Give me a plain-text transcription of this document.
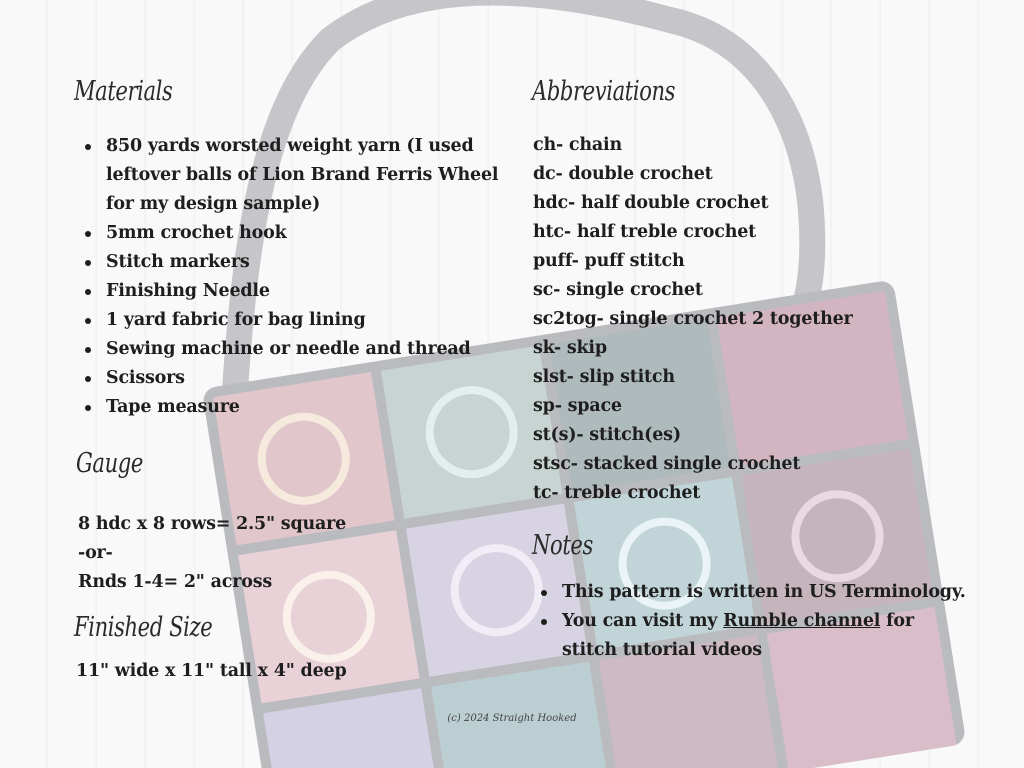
Materials
850 yards worsted weight yarn (I used
leftover balls of Lion Brand Ferris Wheel
for my design sample)
5mm crochet hook
Stitch markers
Finishing Needle
1 yard fabric for bag lining
Sewing machine or needle and thread
Scissors
Tape measure
Gauge
8 hdc x 8 rows= 2.5" square
-or-
Rnds 1-4= 2" across
Finished Size
11" wide x 11" tall x 4" deep
Abbreviations
ch- chain
dc- double crochet
hdc- half double crochet
htc- half treble crochet
puff- puff stitch
sc- single crochet
sc2tog- single crochet 2 together
sk- skip
slst- slip stitch
sp- space
st(s)- stitch(es)
stsc- stacked single crochet
tc- treble crochet
Notes
This pattern is written in US Terminology.
You can visit my Rumble channel for
stitch tutorial videos
(c) 2024 Straight Hooked
